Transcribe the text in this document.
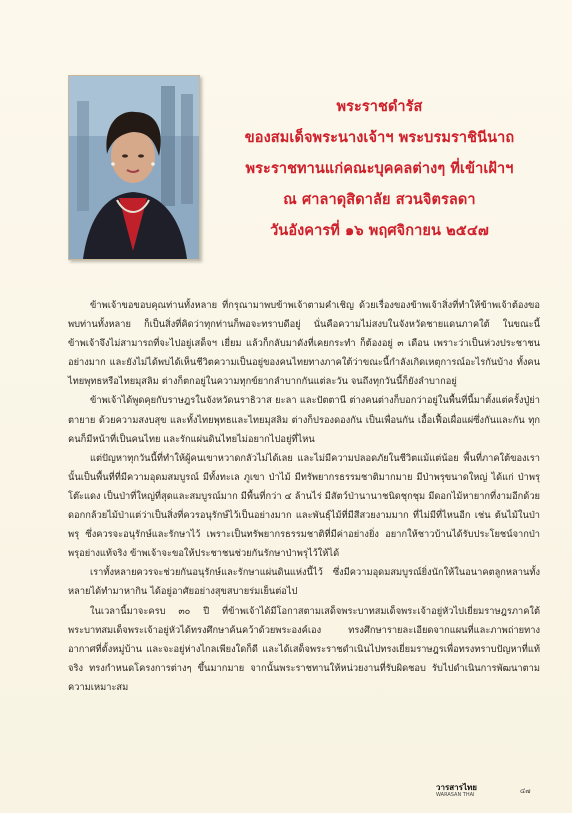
พระราชดำรัส
ของสมเด็จพระนางเจ้าฯ พระบรมราชินีนาถ
พระราชทานแก่คณะบุคคลต่างๆ ที่เข้าเฝ้าฯ
ณ ศาลาดุสิดาลัย สวนจิตรลดา
วันอังคารที่ ๑๖ พฤศจิกายน ๒๕๔๗

ข้าพเจ้าขอขอบคุณท่านทั้งหลาย ที่กรุณามาพบข้าพเจ้าตามคำเชิญ ด้วยเรื่องของข้าพเจ้าสิ่งที่ทำให้ข้าพเจ้าต้องขอพบท่านทั้งหลาย ก็เป็นสิ่งที่คิดว่าทุกท่านก็พอจะทราบดีอยู่ นั่นคือความไม่สงบในจังหวัดชายแดนภาคใต้ ในขณะนี้ข้าพเจ้าจึงไม่สามารถที่จะไปอยู่เสด็จฯ เยี่ยม แล้วก็กลับมาดังที่เคยกระทำ ก็ต้องอยู่ ๓ เดือน เพราะว่าเป็นห่วงประชาชนอย่างมาก และยังไม่ได้พบได้เห็นชีวิตความเป็นอยู่ของคนไทยทางภาคใต้ว่าขณะนี้กำลังเกิดเหตุการณ์อะไรกันบ้าง ทั้งคนไทยพุทธหรือไทยมุสลิม ต่างก็ตกอยู่ในความทุกข์ยากลำบากกันแต่ละวัน จนถึงทุกวันนี้ก็ยังลำบากอยู่

ข้าพเจ้าได้พูดคุยกับราษฎรในจังหวัดนราธิวาส ยะลา และปัตตานี ต่างคนต่างก็บอกว่าอยู่ในพื้นที่นี้มาตั้งแต่ครั้งปู่ย่าตายาย ด้วยความสงบสุข และทั้งไทยพุทธและไทยมุสลิม ต่างก็ปรองดองกัน เป็นเพื่อนกัน เอื้อเฟื้อเผื่อแผ่ซึ่งกันและกัน ทุกคนก็มีหน้าที่เป็นคนไทย และรักแผ่นดินไทยไม่อยากไปอยู่ที่ไหน

แต่ปัญหาทุกวันนี้ที่ทำให้ผู้คนเขาหวาดกลัวไม่ได้เลย และไม่มีความปลอดภัยในชีวิตแม้แต่น้อย พื้นที่ภาคใต้ของเรานั้นเป็นพื้นที่ที่มีความอุดมสมบูรณ์ มีทั้งทะเล ภูเขา ป่าไม้ มีทรัพยากรธรรมชาติมากมาย มีป่าพรุขนาดใหญ่ ได้แก่ ป่าพรุโต๊ะแดง เป็นป่าที่ใหญ่ที่สุดและสมบูรณ์มาก มีพื้นที่กว่า ๔ ล้านไร่ มีสัตว์ป่านานาชนิดชุกชุม มีดอกไม้หายากที่งามอีกด้วย ดอกกล้วยไม้ป่าแต่ว่าเป็นสิ่งที่ควรอนุรักษ์ไว้เป็นอย่างมาก และพันธุ์ไม้ที่มีสีสวยงามมาก ที่ไม่มีที่ไหนอีก เช่น ต้นไม้ในป่าพรุ ซึ่งควรจะอนุรักษ์และรักษาไว้ เพราะเป็นทรัพยากรธรรมชาติที่มีค่าอย่างยิ่ง อยากให้ชาวบ้านได้รับประโยชน์จากป่าพรุอย่างแท้จริง ข้าพเจ้าจะขอให้ประชาชนช่วยกันรักษาป่าพรุไว้ให้ได้

เราทั้งหลายควรจะช่วยกันอนุรักษ์และรักษาแผ่นดินแห่งนี้ไว้ ซึ่งมีความอุดมสมบูรณ์ยิ่งนักให้ในอนาคตลูกหลานทั้งหลายได้ทำมาหากิน ได้อยู่อาศัยอย่างสุขสบายร่มเย็นต่อไป

ในเวลานี้มาจะครบ ๓๐ ปี ที่ข้าพเจ้าได้มีโอกาสตามเสด็จพระบาทสมเด็จพระเจ้าอยู่หัวไปเยี่ยมราษฎรภาคใต้ พระบาทสมเด็จพระเจ้าอยู่หัวได้ทรงศึกษาค้นคว้าด้วยพระองค์เอง ทรงศึกษารายละเอียดจากแผนที่และภาพถ่ายทางอากาศที่ตั้งหมู่บ้าน และจะอยู่ห่างไกลเพียงใดก็ดี และได้เสด็จพระราชดำเนินไปทรงเยี่ยมราษฎรเพื่อทรงทราบปัญหาที่แท้จริง ทรงกำหนดโครงการต่างๆ ขึ้นมากมาย จากนั้นพระราชทานให้หน่วยงานที่รับผิดชอบ รับไปดำเนินการพัฒนาตามความเหมาะสม

วารสารไทย
WARASAN THAI	๔๗
